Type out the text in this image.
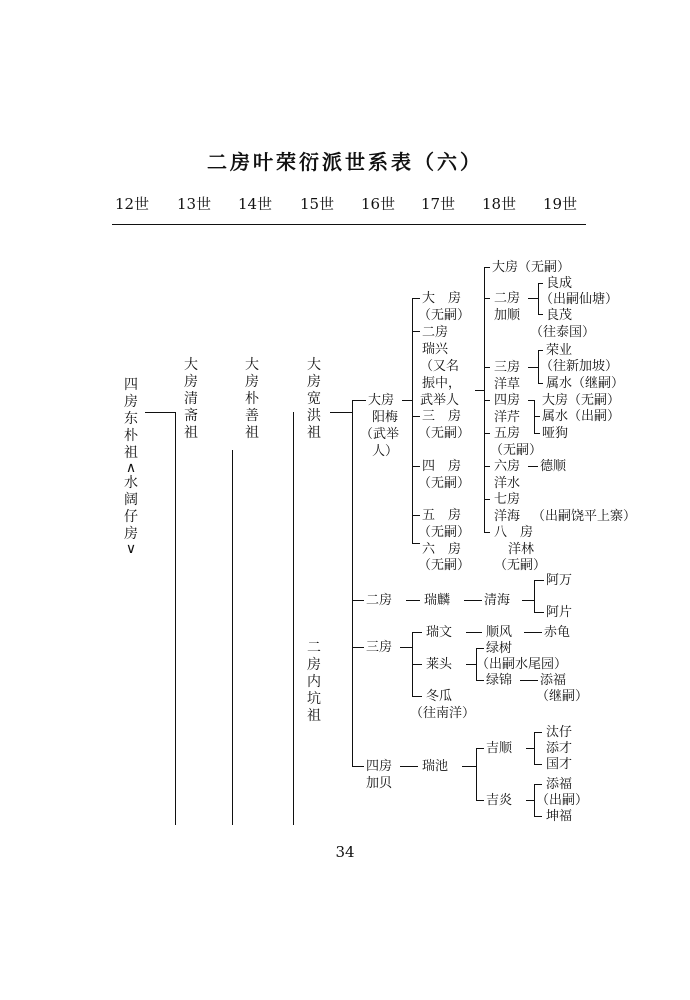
二房叶荣衍派世系表（六）
12世 13世 14世 15世 16世 17世 18世 19世
四房东朴祖
∧
水阔仔房
∨
大房清斋祖
大房朴善祖
大房宽洪祖
二房内坑祖
大房
阳梅
（武举
人）
二房
三房
四房
加贝
大　房
（无嗣）
二房
瑞兴
（又名
振中，
武举人
三　房
（无嗣）
四　房
（无嗣）
五　房
（无嗣）
六　房
（无嗣）
瑞麟
瑞文
莱头
冬瓜
（往南洋）
瑞池
大房（无嗣）
二房
加顺
三房
洋草
四房
洋芹
五房
（无嗣）
六房
洋水
七房
洋海
八　房
洋林
（无嗣）
清海
顺风
绿树
绿锦
吉顺
吉炎
良成
（出嗣仙塘）
良茂
（往泰国）
荣业
（往新加坡）
属水（继嗣）
大房（无嗣）
属水（出嗣）
哑狗
德顺
（出嗣饶平上寨）
阿万
阿片
赤龟
（出嗣水尾园）
添福
（继嗣）
汰仔
添才
国才
添福
（出嗣）
坤福
34
